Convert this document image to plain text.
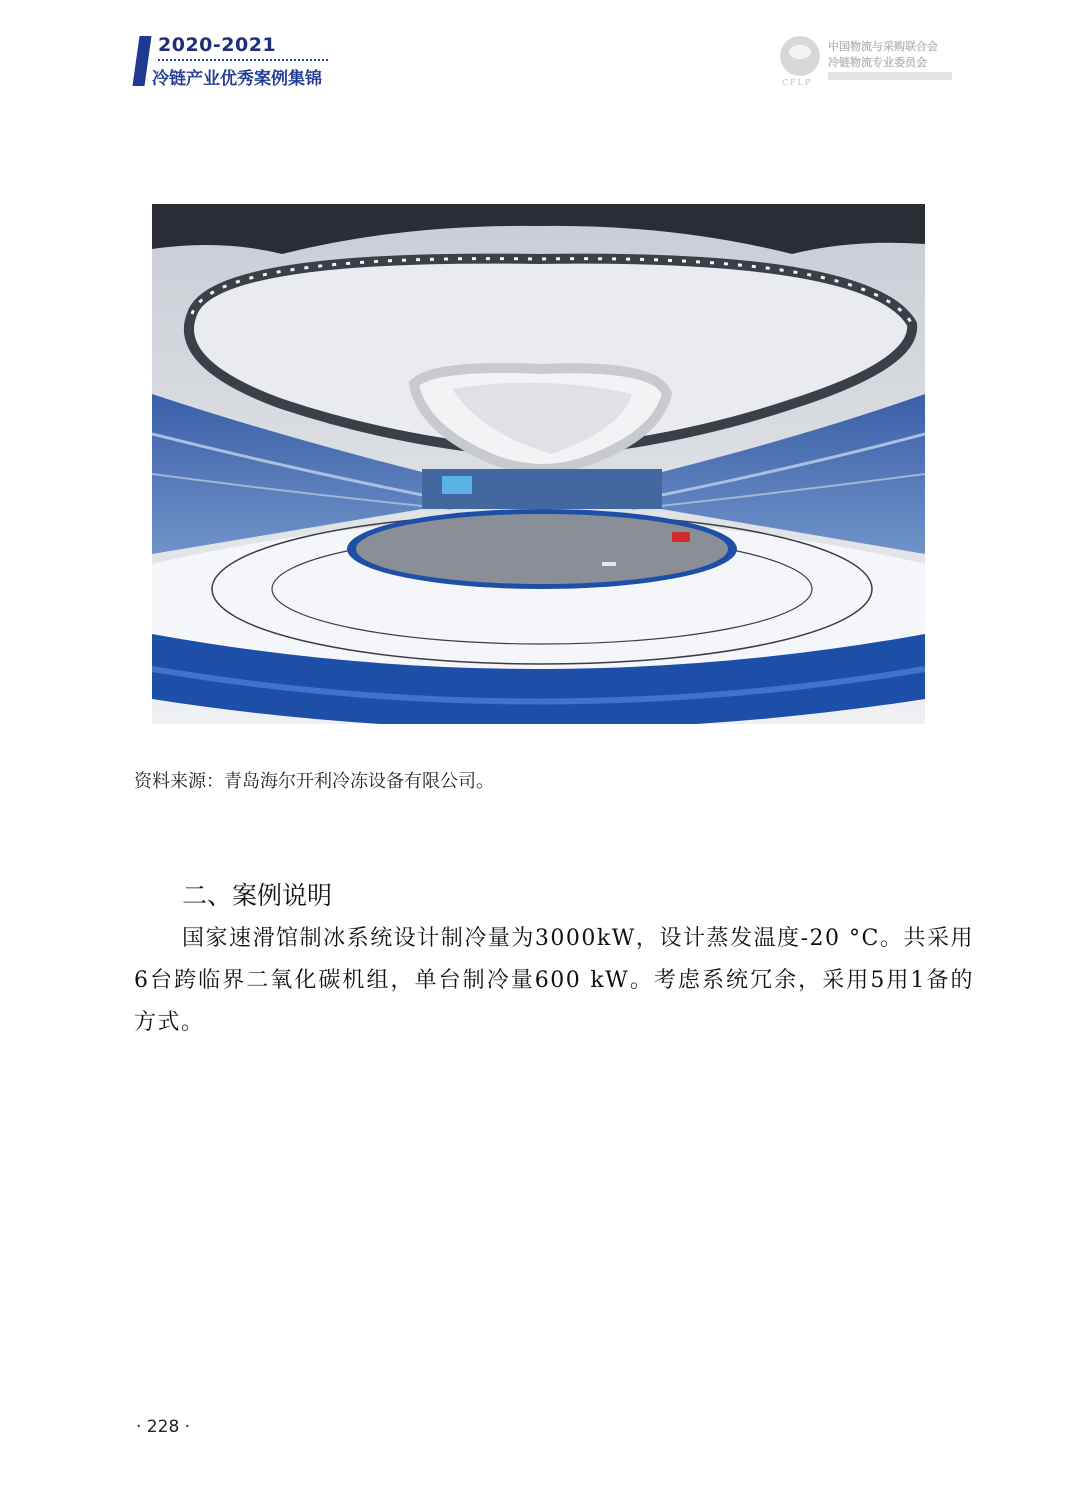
2020-2021
冷链产业优秀案例集锦
中国物流与采购联合会
冷链物流专业委员会
CFLP
资料来源：青岛海尔开利冷冻设备有限公司。
二、案例说明
国家速滑馆制冰系统设计制冷量为3000kW，设计蒸发温度-20 °C。共采用6台跨临界二氧化碳机组，单台制冷量600 kW。考虑系统冗余，采用5用1备的方式。
· 228 ·
